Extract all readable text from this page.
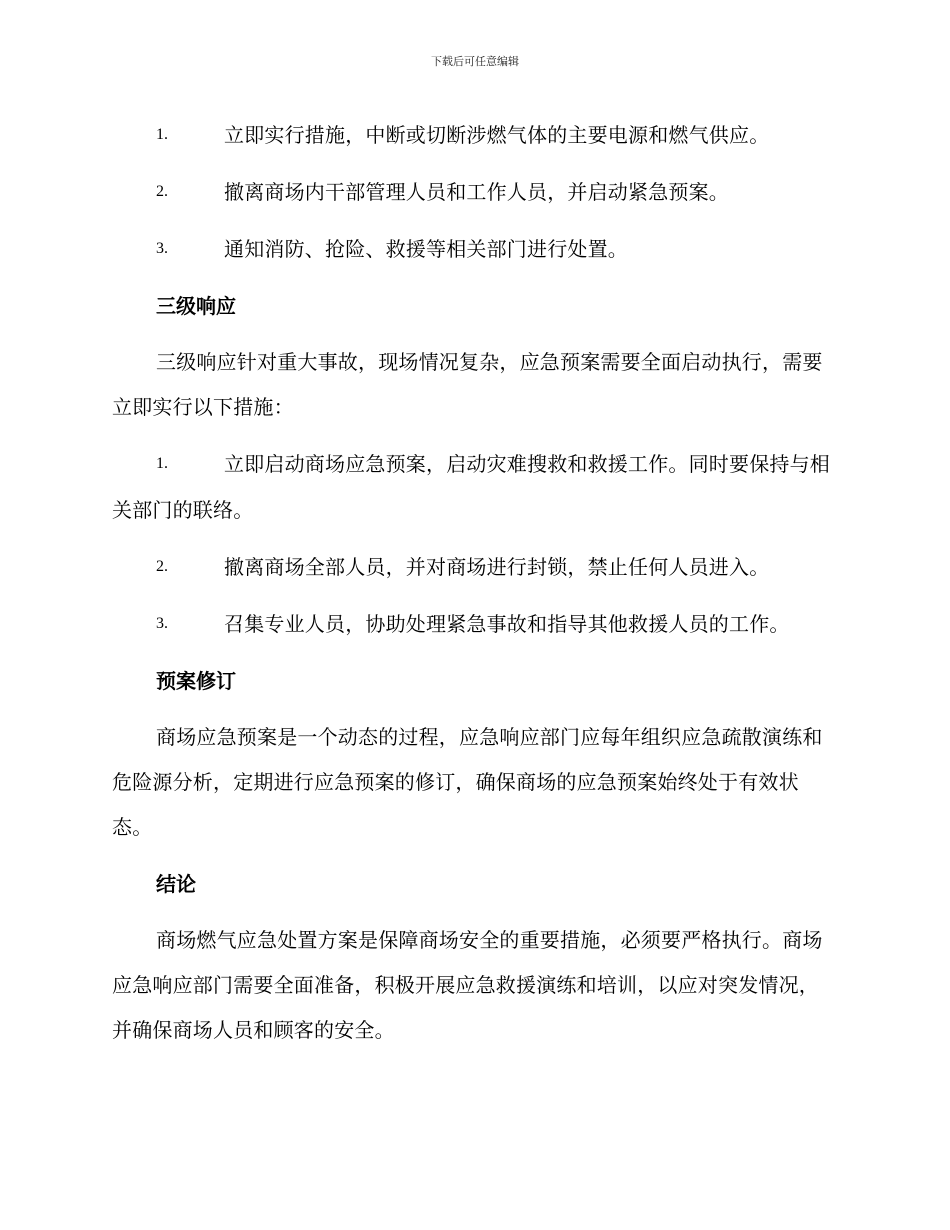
下载后可任意编辑
1.	立即实行措施，中断或切断涉燃气体的主要电源和燃气供应。
2.	撤离商场内干部管理人员和工作人员，并启动紧急预案。
3.	通知消防、抢险、救援等相关部门进行处置。
三级响应
三级响应针对重大事故，现场情况复杂，应急预案需要全面启动执行，需要立即实行以下措施：
1.	立即启动商场应急预案，启动灾难搜救和救援工作。同时要保持与相关部门的联络。
2.	撤离商场全部人员，并对商场进行封锁，禁止任何人员进入。
3.	召集专业人员，协助处理紧急事故和指导其他救援人员的工作。
预案修订
商场应急预案是一个动态的过程，应急响应部门应每年组织应急疏散演练和危险源分析，定期进行应急预案的修订，确保商场的应急预案始终处于有效状态。
结论
商场燃气应急处置方案是保障商场安全的重要措施，必须要严格执行。商场应急响应部门需要全面准备，积极开展应急救援演练和培训，以应对突发情况，并确保商场人员和顾客的安全。
